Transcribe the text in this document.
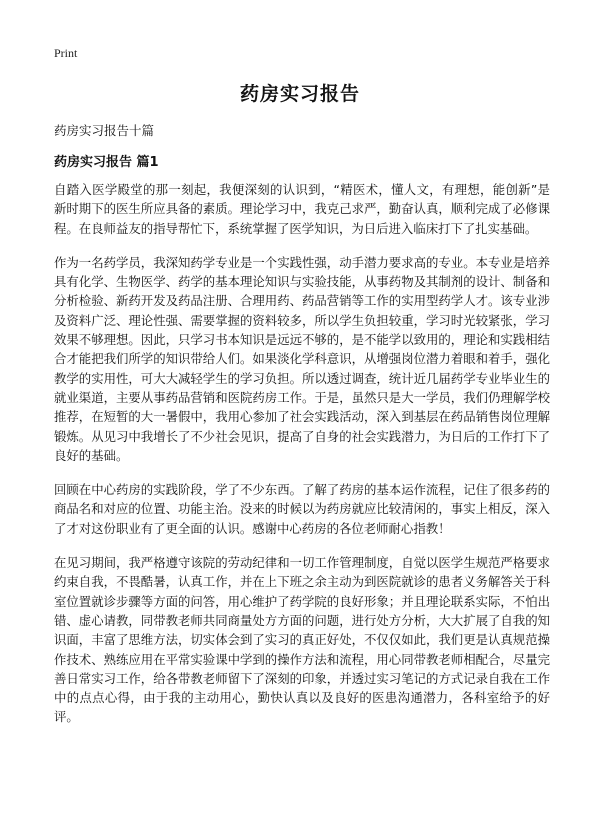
Print
药房实习报告

药房实习报告十篇

药房实习报告 篇1

自踏入医学殿堂的那一刻起，我便深刻的认识到，“精医术，懂人文，有理想，能创新”是新时期下的医生所应具备的素质。理论学习中，我克己求严，勤奋认真，顺利完成了必修课程。在良师益友的指导帮忙下，系统掌握了医学知识，为日后进入临床打下了扎实基础。

作为一名药学员，我深知药学专业是一个实践性强，动手潜力要求高的专业。本专业是培养具有化学、生物医学、药学的基本理论知识与实验技能，从事药物及其制剂的设计、制备和分析检验、新药开发及药品注册、合理用药、药品营销等工作的实用型药学人才。该专业涉及资料广泛、理论性强、需要掌握的资料较多，所以学生负担较重，学习时光较紧张，学习效果不够理想。因此，只学习书本知识是远远不够的，是不能学以致用的，理论和实践相结合才能把我们所学的知识带给人们。如果淡化学科意识，从增强岗位潜力着眼和着手，强化教学的实用性，可大大减轻学生的学习负担。所以透过调查，统计近几届药学专业毕业生的就业渠道，主要从事药品营销和医院药房工作。于是，虽然只是大一学员，我们仍理解学校推荐，在短暂的大一暑假中，我用心参加了社会实践活动，深入到基层在药品销售岗位理解锻炼。从见习中我增长了不少社会见识，提高了自身的社会实践潜力，为日后的工作打下了良好的基础。

回顾在中心药房的实践阶段，学了不少东西。了解了药房的基本运作流程，记住了很多药的商品名和对应的位置、功能主治。没来的时候以为药房就应比较清闲的，事实上相反，深入了才对这份职业有了更全面的认识。感谢中心药房的各位老师耐心指教！

在见习期间，我严格遵守该院的劳动纪律和一切工作管理制度，自觉以医学生规范严格要求约束自我，不畏酷暑，认真工作，并在上下班之余主动为到医院就诊的患者义务解答关于科室位置就诊步骤等方面的问答，用心维护了药学院的良好形象；并且理论联系实际，不怕出错、虚心请教，同带教老师共同商量处方方面的问题，进行处方分析，大大扩展了自我的知识面，丰富了思维方法，切实体会到了实习的真正好处，不仅仅如此，我们更是认真规范操作技术、熟练应用在平常实验课中学到的操作方法和流程，用心同带教老师相配合，尽量完善日常实习工作，给各带教老师留下了深刻的印象，并透过实习笔记的方式记录自我在工作中的点点心得，由于我的主动用心，勤快认真以及良好的医患沟通潜力，各科室给予的好评。
